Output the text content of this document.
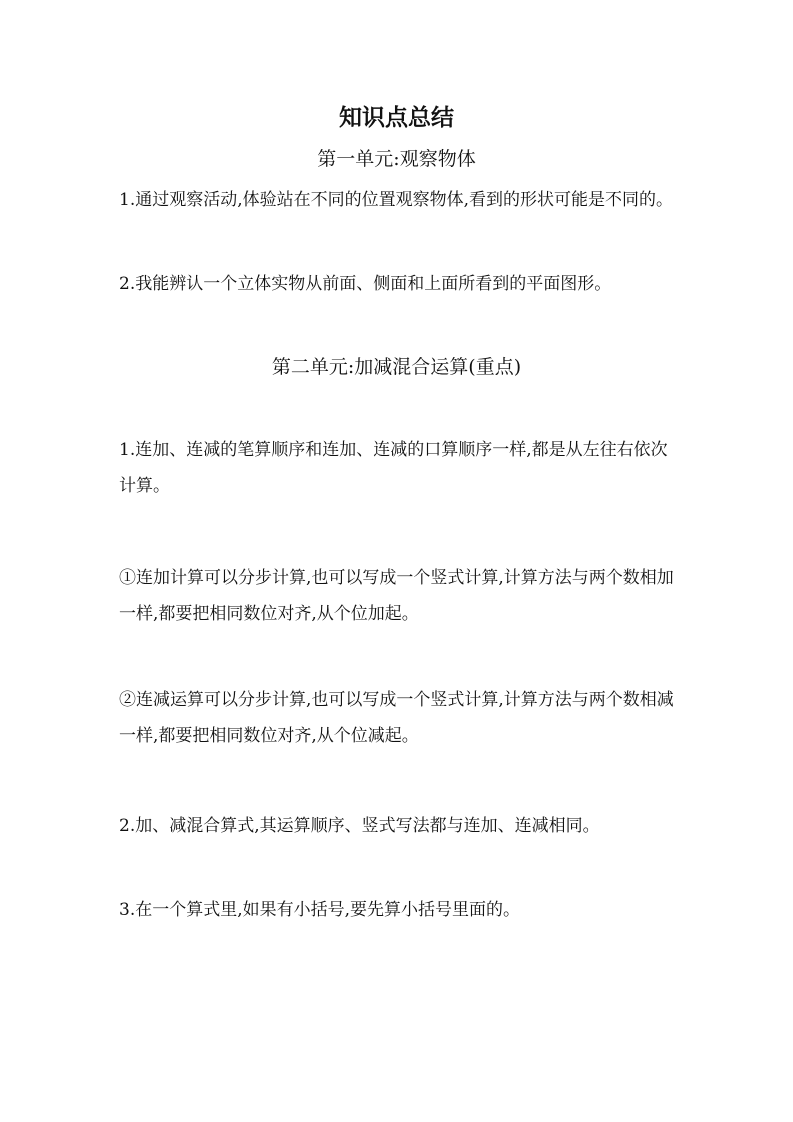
知识点总结
第一单元:观察物体

1.通过观察活动,体验站在不同的位置观察物体,看到的形状可能是不同的。

2.我能辨认一个立体实物从前面、侧面和上面所看到的平面图形。

第二单元:加减混合运算(重点)

1.连加、连减的笔算顺序和连加、连减的口算顺序一样,都是从左往右依次计算。

①连加计算可以分步计算,也可以写成一个竖式计算,计算方法与两个数相加一样,都要把相同数位对齐,从个位加起。

②连减运算可以分步计算,也可以写成一个竖式计算,计算方法与两个数相减一样,都要把相同数位对齐,从个位减起。

2.加、减混合算式,其运算顺序、竖式写法都与连加、连减相同。

3.在一个算式里,如果有小括号,要先算小括号里面的。
